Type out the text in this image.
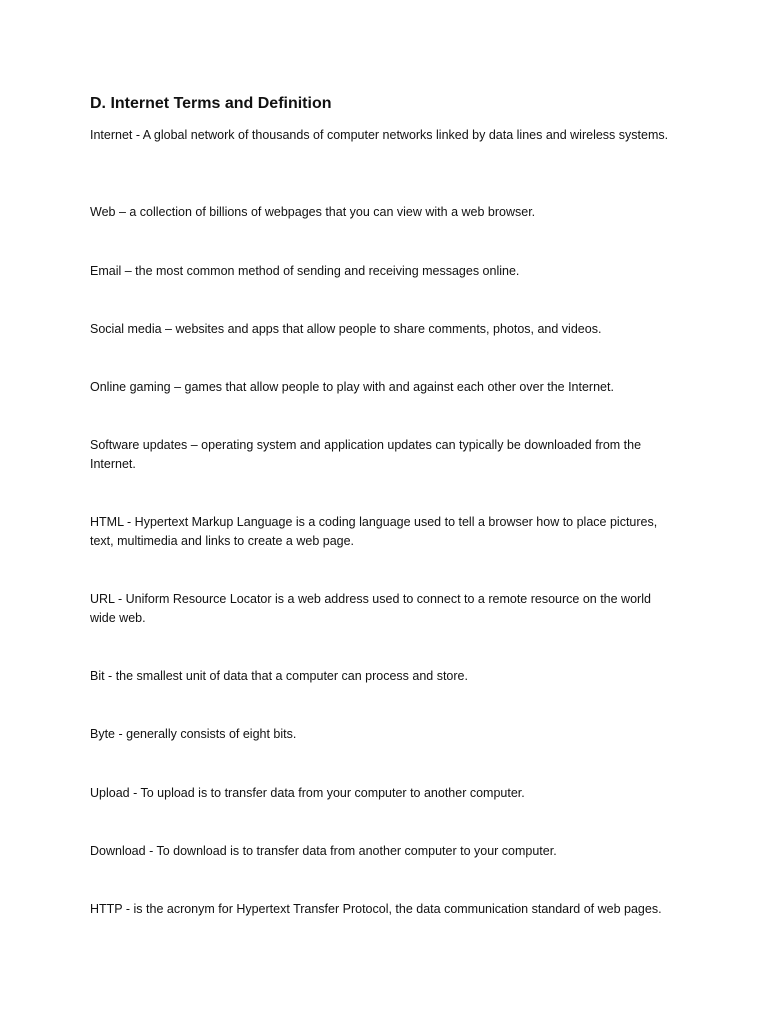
D. Internet Terms and Definition

Internet - A global network of thousands of computer networks linked by data lines and wireless systems.

Web – a collection of billions of webpages that you can view with a web browser.

Email – the most common method of sending and receiving messages online.

Social media – websites and apps that allow people to share comments, photos, and videos.

Online gaming – games that allow people to play with and against each other over the Internet.

Software updates – operating system and application updates can typically be downloaded from the Internet.

HTML - Hypertext Markup Language is a coding language used to tell a browser how to place pictures, text, multimedia and links to create a web page.

URL - Uniform Resource Locator is a web address used to connect to a remote resource on the world wide web.

Bit - the smallest unit of data that a computer can process and store.

Byte - generally consists of eight bits.

Upload - To upload is to transfer data from your computer to another computer.

Download - To download is to transfer data from another computer to your computer.

HTTP - is the acronym for Hypertext Transfer Protocol, the data communication standard of web pages.
